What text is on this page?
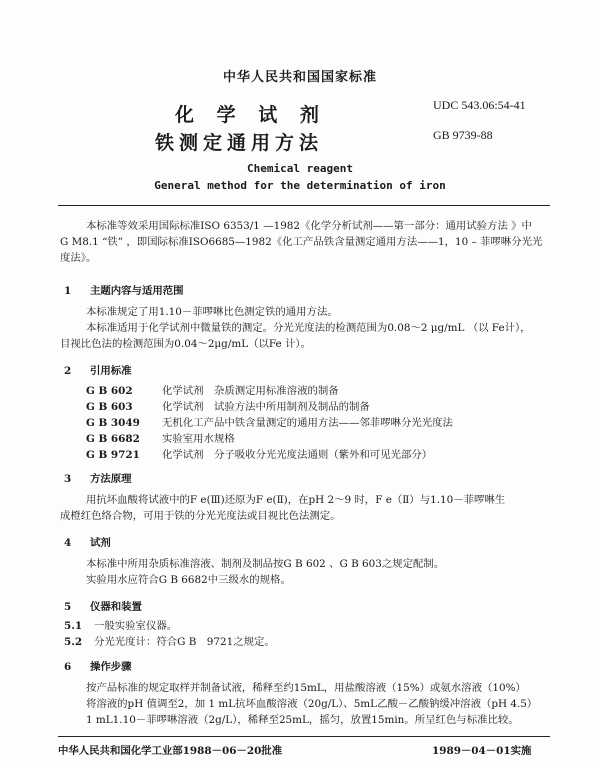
中华人民共和国国家标准
化 学 试 剂
铁测定通用方法
UDC 543.06:54-41
GB 9739-88
Chemical reagent
General method for the determination of iron
本标准等效采用国际标准ISO 6353/1 —1982《化学分析试剂——第一部分：通用试验方法 》中
G M8.1 “铁” ，即国际标准ISO6685—1982《化工产品铁含量测定通用方法——1，10 – 菲啰啉分光光
度法》。
1 主题内容与适用范围
本标准规定了用1.10－菲啰啉比色测定铁的通用方法。
本标准适用于化学试剂中微量铁的测定。分光光度法的检测范围为0.08～2 μg/mL （以 Fe计），
目视比色法的检测范围为0.04～2μg/mL（以Fe 计）。
2 引用标准
G B 602	化学试剂　杂质测定用标准溶液的制备
G B 603	化学试剂　试验方法中所用制剂及制品的制备
G B 3049 无机化工产品中铁含量测定的通用方法——邻菲啰啉分光光度法
G B 6682 实验室用水规格
G B 9721 化学试剂　分子吸收分光光度法通则（紫外和可见光部分）
3 方法原理
用抗坏血酸将试液中的F e(Ⅲ)还原为F e(Ⅱ)，在pH 2～9 时，F e（Ⅱ）与1.10－菲啰啉生
成橙红色络合物，可用于铁的分光光度法或目视比色法测定。
4 试剂
本标准中所用杂质标准溶液、制剂及制品按G B 602 、G B 603之规定配制。
实验用水应符合G B 6682中三级水的规格。
5 仪器和装置
5.1 一般实验室仪器。
5.2 分光光度计：符合G B　9721之规定。
6 操作步骤
按产品标准的规定取样并制备试液，稀释至约15mL，用盐酸溶液（15%）或氨水溶液（10%）
将溶液的pH 值调至2，加 1 mL抗坏血酸溶液（20g/L）、5mL乙酸－乙酸钠缓冲溶液（pH 4.5）
1 mL1.10－菲啰啉溶液（2g/L），稀释至25mL，摇匀，放置15min。所呈红色与标准比较。
中华人民共和国化学工业部1988－06－20批准	1989－04－01实施
